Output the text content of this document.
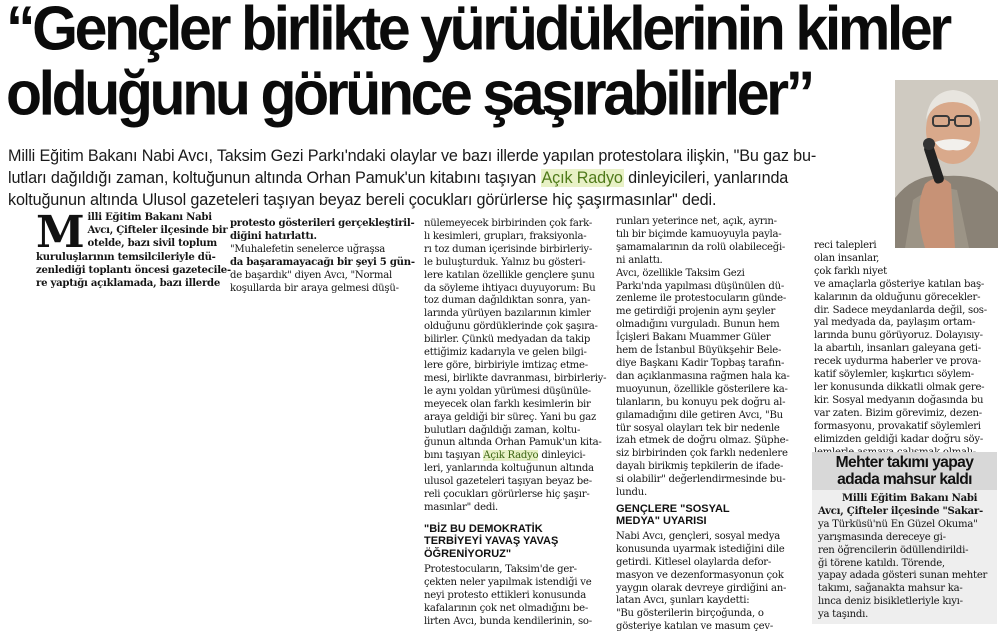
“Gençler birlikte yürüdüklerinin kimler
olduğunu görünce şaşırabilirler”
Milli Eğitim Bakanı Nabi Avcı, Taksim Gezi Parkı'ndaki olaylar ve bazı illerde yapılan protestolara ilişkin, "Bu gaz bu-
lutları dağıldığı zaman, koltuğunun altında Orhan Pamuk'un kitabını taşıyan Açık Radyo dinleyicileri, yanlarında
koltuğunun altında Ulusol gazeteleri taşıyan beyaz bereli çocukları görürlerse hiç şaşırmasınlar" dedi.
M illi Eğitim Bakanı Nabi
Avcı, Çifteler ilçesinde bir
otelde, bazı sivil toplum
kuruluşlarının temsilcileriyle dü-
zenlediği toplantı öncesi gazetecile-
re yaptığı açıklamada, bazı illerde
protesto gösterileri gerçekleştiril-
diğini hatırlattı.
"Muhalefetin senelerce uğraşsa
da başaramayacağı bir şeyi 5 gün-
de başardık" diyen Avcı, "Normal
koşullarda bir araya gelmesi düşü-
nülemeyecek birbirinden çok fark-
lı kesimleri, grupları, fraksiyonla-
rı toz duman içerisinde birbirleriy-
le buluşturduk. Yalnız bu gösteri-
lere katılan özellikle gençlere şunu
da söyleme ihtiyacı duyuyorum: Bu
toz duman dağıldıktan sonra, yan-
larında yürüyen bazılarının kimler
olduğunu gördüklerinde çok şaşıra-
bilirler. Çünkü medyadan da takip
ettiğimiz kadarıyla ve gelen bilgi-
lere göre, birbiriyle imtizaç etme-
mesi, birlikte davranması, birbirleriy-
le aynı yoldan yürümesi düşünüle-
meyecek olan farklı kesimlerin bir
araya geldiği bir süreç. Yani bu gaz
bulutları dağıldığı zaman, koltu-
ğunun altında Orhan Pamuk'un kita-
bını taşıyan Açık Radyo dinleyici-
leri, yanlarında koltuğunun altında
ulusol gazeteleri taşıyan beyaz be-
reli çocukları görürlerse hiç şaşır-
masınlar" dedi.
"BİZ BU DEMOKRATİK
TERBİYEYİ YAVAŞ YAVAŞ
ÖĞRENİYORUZ"
Protestocuların, Taksim'de ger-
çekten neler yapılmak istendiği ve
neyi protesto ettikleri konusunda
kafalarının çok net olmadığını be-
lirten Avcı, bunda kendilerinin, so-
runları yeterince net, açık, ayrın-
tılı bir biçimde kamuoyuyla payla-
şamamalarının da rolü olabileceği-
ni anlattı.
Avcı, özellikle Taksim Gezi
Parkı'nda yapılması düşünülen dü-
zenleme ile protestocuların günde-
me getirdiği projenin aynı şeyler
olmadığını vurguladı. Bunun hem
İçişleri Bakanı Muammer Güler
hem de İstanbul Büyükşehir Bele-
diye Başkanı Kadir Topbaş tarafın-
dan açıklanmasına rağmen hala ka-
muoyunun, özellikle gösterilere ka-
tılanların, bu konuyu pek doğru al-
gılamadığını dile getiren Avcı, "Bu
tür sosyal olayları tek bir nedenle
izah etmek de doğru olmaz. Şüphe-
siz birbirinden çok farklı nedenlere
dayalı birikmiş tepkilerin de ifade-
si olabilir" değerlendirmesinde bu-
lundu.
GENÇLERE "SOSYAL
MEDYA" UYARISI
Nabi Avcı, gençleri, sosyal medya
konusunda uyarmak istediğini dile
getirdi. Kitlesel olaylarda defor-
masyon ve dezenformasyonun çok
yaygın olarak devreye girdiğini an-
latan Avcı, şunları kaydetti:
"Bu gösterilerin birçoğunda, o
gösteriye katılan ve masum çev-
reci talepleri
olan insanlar,
çok farklı niyet
ve amaçlarla gösteriye katılan baş-
kalarının da olduğunu görecekler-
dir. Sadece meydanlarda değil, sos-
yal medyada da, paylaşım ortam-
larında bunu görüyoruz. Dolayısıy-
la abartılı, insanları galeyana geti-
recek uydurma haberler ve prova-
katif söylemler, kışkırtıcı söylem-
ler konusunda dikkatli olmak gere-
kir. Sosyal medyanın doğasında bu
var zaten. Bizim görevimiz, dezen-
formasyonu, provakatif söylemleri
elimizden geldiği kadar doğru söy-
Mehter takımı yapay
adada mahsur kaldı
Milli Eğitim Bakanı Nabi
Avcı, Çifteler ilçesinde "Sakar-
ya Türküsü'nü En Güzel Okuma"
yarışmasında dereceye gi-
ren öğrencilerin ödüllendirildi-
ği törene katıldı. Törende,
yapay adada gösteri sunan mehter
takımı, sağanakta mahsur ka-
lınca deniz bisikletleriyle kıyı-
ya taşındı.
